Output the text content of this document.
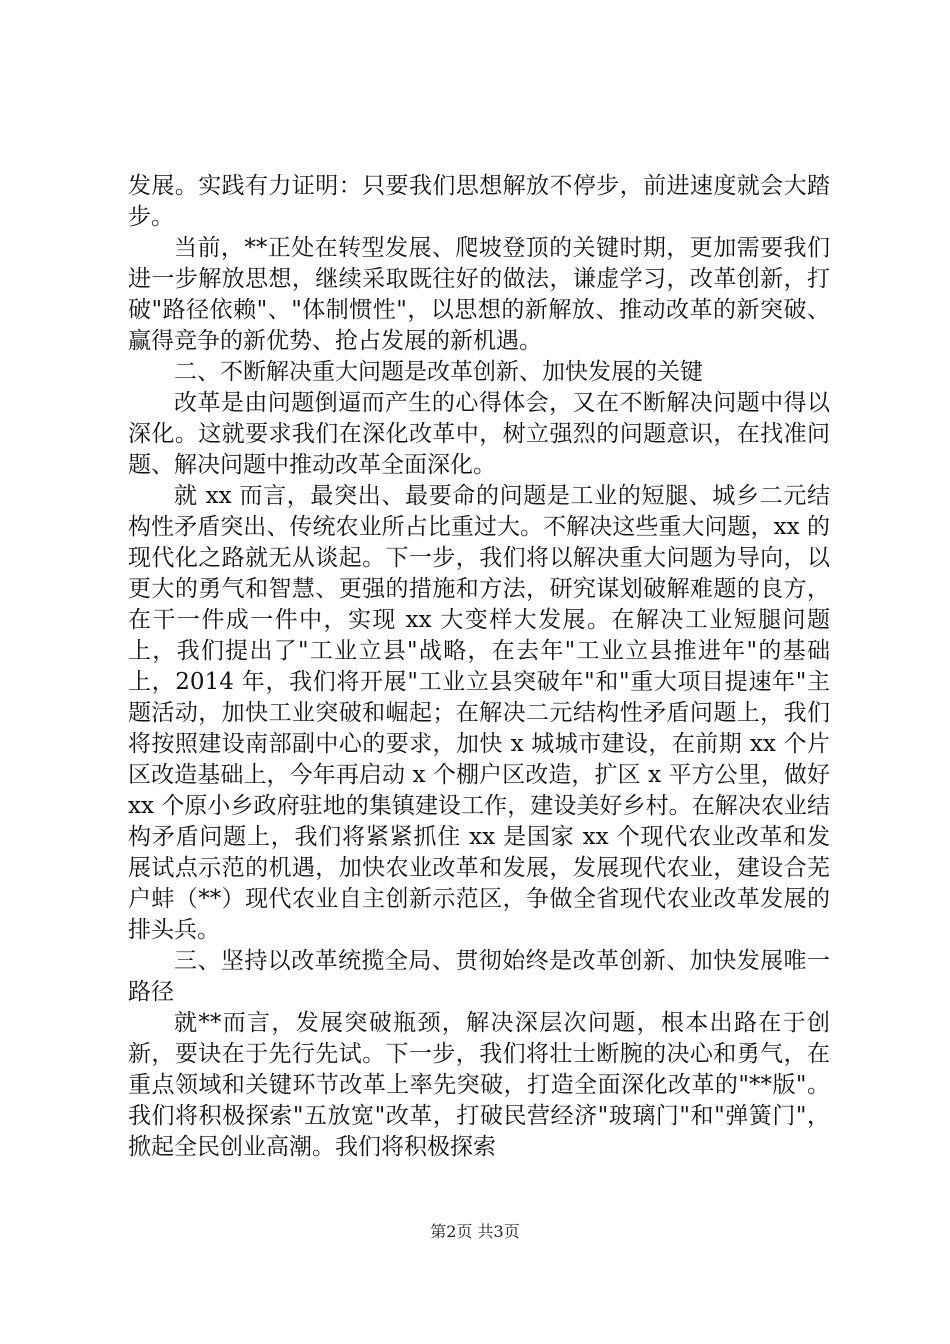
发展。实践有力证明：只要我们思想解放不停步，前进速度就会大踏步。

当前，**正处在转型发展、爬坡登顶的关键时期，更加需要我们进一步解放思想，继续采取既往好的做法，谦虚学习，改革创新，打破"路径依赖"、"体制惯性"，以思想的新解放、推动改革的新突破、赢得竞争的新优势、抢占发展的新机遇。

二、不断解决重大问题是改革创新、加快发展的关键

改革是由问题倒逼而产生的心得体会，又在不断解决问题中得以深化。这就要求我们在深化改革中，树立强烈的问题意识，在找准问题、解决问题中推动改革全面深化。

就 xx 而言，最突出、最要命的问题是工业的短腿、城乡二元结构性矛盾突出、传统农业所占比重过大。不解决这些重大问题，xx 的现代化之路就无从谈起。下一步，我们将以解决重大问题为导向，以更大的勇气和智慧、更强的措施和方法，研究谋划破解难题的良方，在干一件成一件中，实现 xx 大变样大发展。在解决工业短腿问题上，我们提出了"工业立县"战略，在去年"工业立县推进年"的基础上，2014 年，我们将开展"工业立县突破年"和"重大项目提速年"主题活动，加快工业突破和崛起；在解决二元结构性矛盾问题上，我们将按照建设南部副中心的要求，加快 x 城城市建设，在前期 xx 个片区改造基础上，今年再启动 x 个棚户区改造，扩区 x 平方公里，做好 xx 个原小乡政府驻地的集镇建设工作，建设美好乡村。在解决农业结构矛盾问题上，我们将紧紧抓住 xx 是国家 xx 个现代农业改革和发展试点示范的机遇，加快农业改革和发展，发展现代农业，建设合芜户蚌（**）现代农业自主创新示范区，争做全省现代农业改革发展的排头兵。

三、坚持以改革统揽全局、贯彻始终是改革创新、加快发展唯一路径

就**而言，发展突破瓶颈，解决深层次问题，根本出路在于创新，要诀在于先行先试。下一步，我们将壮士断腕的决心和勇气，在重点领域和关键环节改革上率先突破，打造全面深化改革的"**版"。我们将积极探索"五放宽"改革，打破民营经济"玻璃门"和"弹簧门"，掀起全民创业高潮。我们将积极探索

第2页 共3页
